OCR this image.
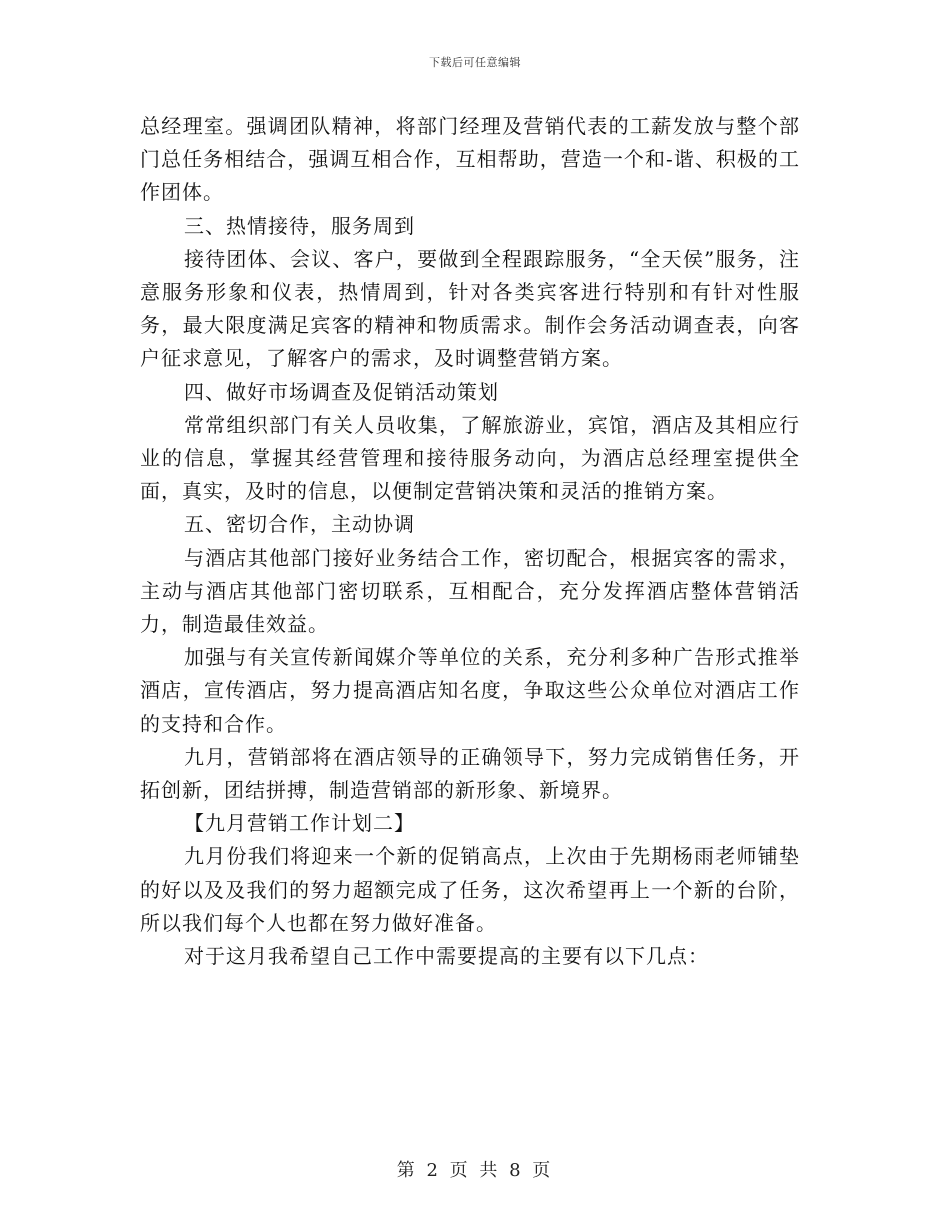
下载后可任意编辑

总经理室。强调团队精神，将部门经理及营销代表的工薪发放与整个部门总任务相结合，强调互相合作，互相帮助，营造一个和-谐、积极的工作团体。

三、热情接待，服务周到

接待团体、会议、客户，要做到全程跟踪服务，“全天侯”服务，注意服务形象和仪表，热情周到，针对各类宾客进行特别和有针对性服务，最大限度满足宾客的精神和物质需求。制作会务活动调查表，向客户征求意见，了解客户的需求，及时调整营销方案。

四、做好市场调查及促销活动策划

常常组织部门有关人员收集，了解旅游业，宾馆，酒店及其相应行业的信息，掌握其经营管理和接待服务动向，为酒店总经理室提供全面，真实，及时的信息，以便制定营销决策和灵活的推销方案。

五、密切合作，主动协调

与酒店其他部门接好业务结合工作，密切配合，根据宾客的需求，主动与酒店其他部门密切联系，互相配合，充分发挥酒店整体营销活力，制造最佳效益。

加强与有关宣传新闻媒介等单位的关系，充分利多种广告形式推举酒店，宣传酒店，努力提高酒店知名度，争取这些公众单位对酒店工作的支持和合作。

九月，营销部将在酒店领导的正确领导下，努力完成销售任务，开拓创新，团结拼搏，制造营销部的新形象、新境界。

【九月营销工作计划二】

九月份我们将迎来一个新的促销高点，上次由于先期杨雨老师铺垫的好以及及我们的努力超额完成了任务，这次希望再上一个新的台阶，所以我们每个人也都在努力做好准备。

对于这月我希望自己工作中需要提高的主要有以下几点：

第 2 页 共 8 页
